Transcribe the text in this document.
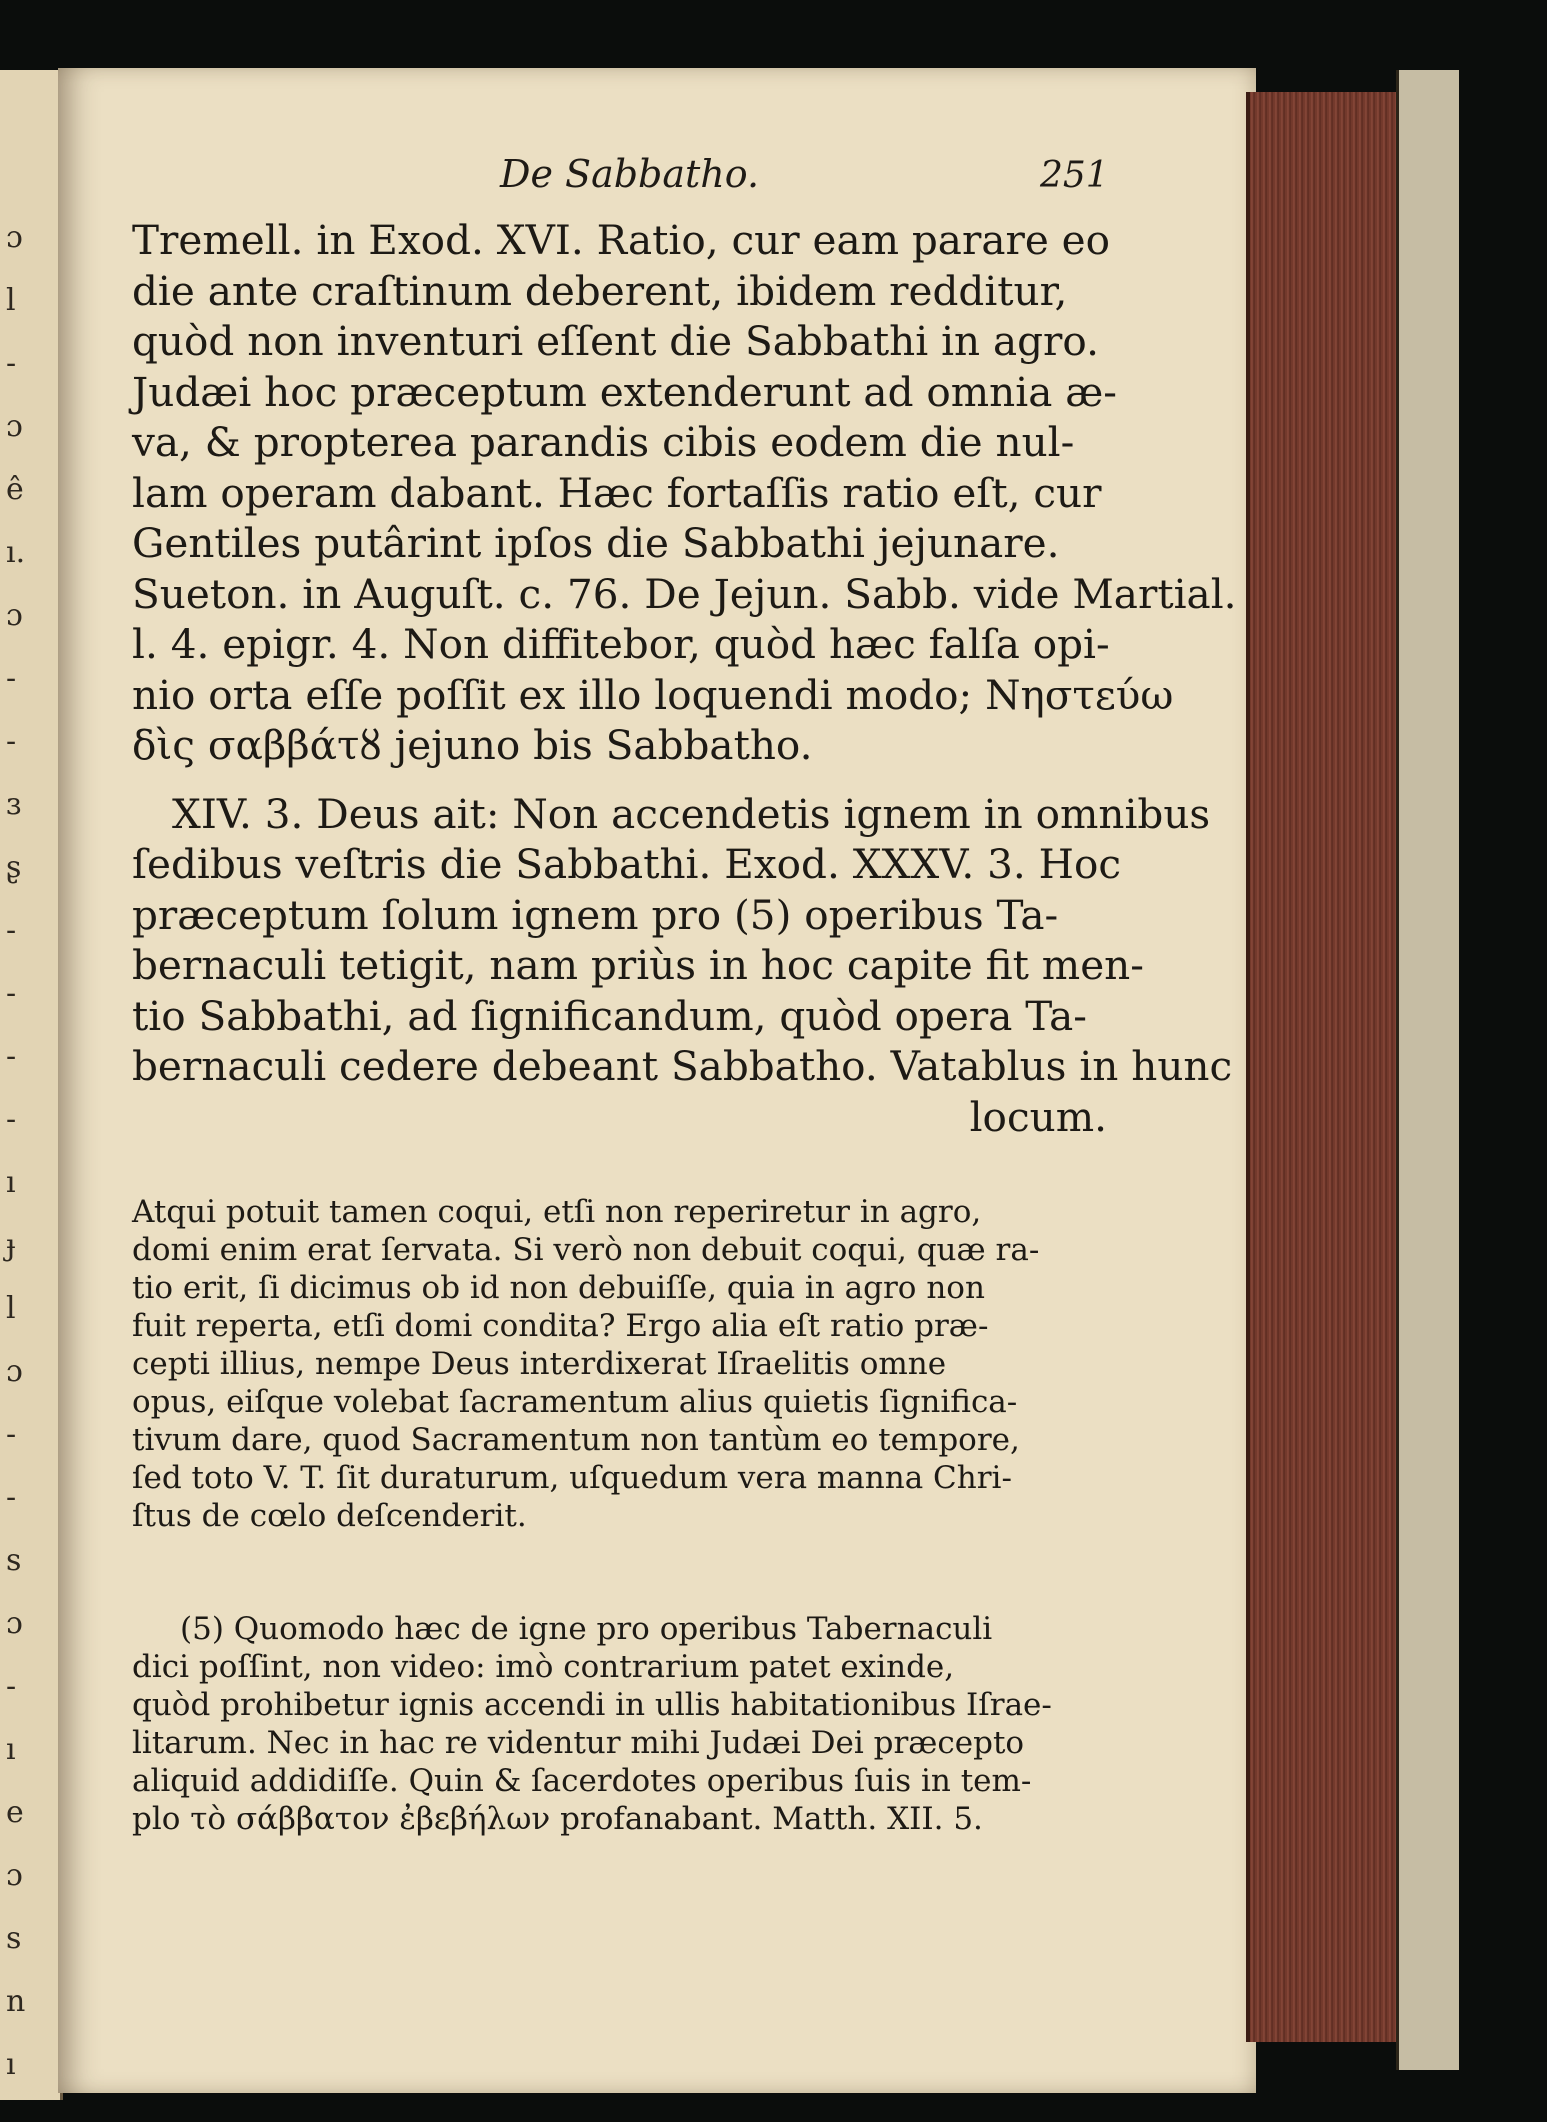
ɔ
l
-
ɔ
ê
ı.
ɔ
-
-
ɜ
ʂ
-
-
-
-
ı
ɟ
l
ɔ
-
-
s
ɔ
-
ı
e
ɔ
s
n
ı
De Sabbatho.	251
Tremell. in Exod. XVI. Ratio, cur eam parare eo
die ante craſtinum deberent, ibidem redditur,
quòd non inventuri eſſent die Sabbathi in agro.
Judæi hoc præceptum extenderunt ad omnia æ-
va, & propterea parandis cibis eodem die nul-
lam operam dabant. Hæc fortaſſis ratio eſt, cur
Gentiles putârint ipſos die Sabbathi jejunare.
Sueton. in Auguſt. c. 76. De Jejun. Sabb. vide Martial.
l. 4. epigr. 4. Non diffitebor, quòd hæc falſa opi-
nio orta eſſe poſſit ex illo loquendi modo; Νηστεύω
δὶς σαββάτȣ jejuno bis Sabbatho.
XIV. 3. Deus ait: Non accendetis ignem in omnibus
ſedibus veſtris die Sabbathi. Exod. XXXV. 3. Hoc
præceptum ſolum ignem pro (5) operibus Ta-
bernaculi tetigit, nam priùs in hoc capite fit men-
tio Sabbathi, ad ſignificandum, quòd opera Ta-
bernaculi cedere debeant Sabbatho. Vatablus in hunc
locum.
Atqui potuit tamen coqui, etſi non reperiretur in agro,
domi enim erat ſervata. Si verò non debuit coqui, quæ ra-
tio erit, ſi dicimus ob id non debuiſſe, quia in agro non
fuit reperta, etſi domi condita? Ergo alia eſt ratio præ-
cepti illius, nempe Deus interdixerat Iſraelitis omne
opus, eiſque volebat ſacramentum alius quietis ſignifica-
tivum dare, quod Sacramentum non tantùm eo tempore,
ſed toto V. T. ſit duraturum, uſquedum vera manna Chri-
ſtus de cœlo deſcenderit.
(5) Quomodo hæc de igne pro operibus Tabernaculi
dici poſſint, non video: imò contrarium patet exinde,
quòd prohibetur ignis accendi in ullis habitationibus Iſrae-
litarum. Nec in hac re videntur mihi Judæi Dei præcepto
aliquid addidiſſe. Quin & ſacerdotes operibus ſuis in tem-
plo τὸ σάββατον ἐβεβήλων profanabant. Matth. XII. 5.
